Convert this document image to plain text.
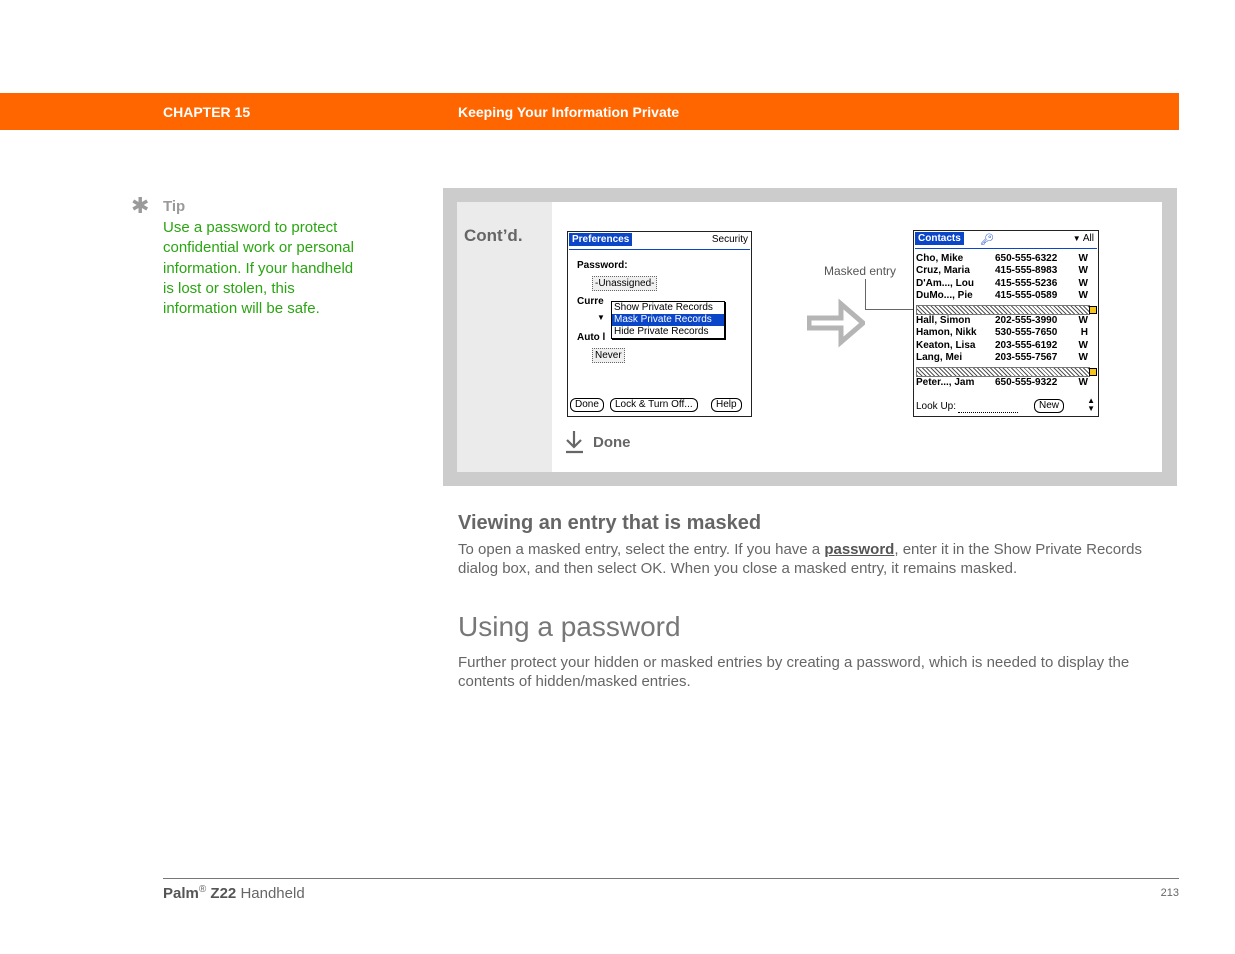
CHAPTER 15	Keeping Your Information Private
✱ Tip
Use a password to protect confidential work or personal information. If your handheld is lost or stolen, this information will be safe.
Cont’d.	Preferences	Security
Password:
-Unassigned-
Curre
▼
Auto l
Never
Show Private Records
Mask Private Records
Hide Private Records
Done	Lock & Turn Off...	Help
Masked entry
Contacts 🔑︎	▼ All
Cho, Mike	650-555-6322 W
Cruz, Maria	415-555-8983 W
D'Am..., Lou 415-555-5236 W
DuMo..., Pie 415-555-0589 W
Hall, Simon 202-555-3990 W
Hamon, Nikk 530-555-7650 H
Keaton, Lisa 203-555-6192 W
Lang, Mei	203-555-7567 W
Peter..., Jam 650-555-9322 W
Look Up:	New	▲
▼
Done
Viewing an entry that is masked
To open a masked entry, select the entry. If you have a password, enter it in the Show Private Records dialog box, and then select OK. When you close a masked entry, it remains masked.
Using a password
Further protect your hidden or masked entries by creating a password, which is needed to display the contents of hidden/masked entries.
Palm® Z22 Handheld	213
